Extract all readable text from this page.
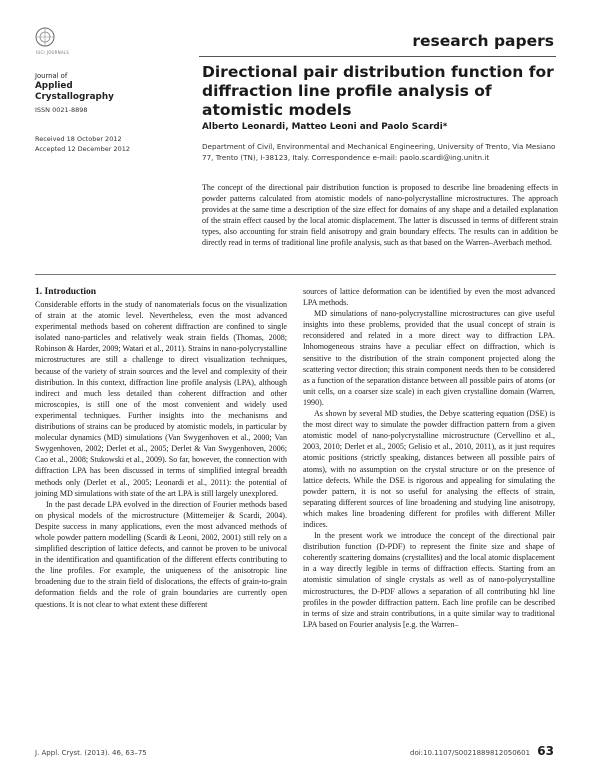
IUCr JOURNALS
research papers
Journal of
Applied
Crystallography
ISSN 0021-8898
Received 18 October 2012
Accepted 12 December 2012
Directional pair distribution function for diffraction line profile analysis of atomistic models
Alberto Leonardi, Matteo Leoni and Paolo Scardi*
Department of Civil, Environmental and Mechanical Engineering, University of Trento, Via Mesiano 77, Trento (TN), I-38123, Italy. Correspondence e-mail: paolo.scardi@ing.unitn.it
The concept of the directional pair distribution function is proposed to describe line broadening effects in powder patterns calculated from atomistic models of nano-polycrystalline microstructures. The approach provides at the same time a description of the size effect for domains of any shape and a detailed explanation of the strain effect caused by the local atomic displacement. The latter is discussed in terms of different strain types, also accounting for strain field anisotropy and grain boundary effects. The results can in addition be directly read in terms of traditional line profile analysis, such as that based on the Warren–Averbach method.
1. Introduction

Considerable efforts in the study of nanomaterials focus on the visualization of strain at the atomic level. Nevertheless, even the most advanced experimental methods based on coherent diffraction are confined to single isolated nano-particles and relatively weak strain fields (Thomas, 2008; Robinson & Harder, 2009; Watari et al., 2011). Strains in nano-polycrystalline microstructures are still a challenge to direct visualization techniques, because of the variety of strain sources and the level and complexity of their distribution. In this context, diffraction line profile analysis (LPA), although indirect and much less detailed than coherent diffraction and other microscopies, is still one of the most convenient and widely used experimental techniques. Further insights into the mechanisms and distributions of strains can be produced by atomistic models, in particular by molecular dynamics (MD) simulations (Van Swygenhoven et al., 2000; Van Swygenhoven, 2002; Derlet et al., 2005; Derlet & Van Swygenhoven, 2006; Cao et al., 2008; Stukowski et al., 2009). So far, however, the connection with diffraction LPA has been discussed in terms of simplified integral breadth methods only (Derlet et al., 2005; Leonardi et al., 2011): the potential of joining MD simulations with state of the art LPA is still largely unexplored.

In the past decade LPA evolved in the direction of Fourier methods based on physical models of the microstructure (Mittemeijer & Scardi, 2004). Despite success in many applications, even the most advanced methods of whole powder pattern modelling (Scardi & Leoni, 2002, 2001) still rely on a simplified description of lattice defects, and cannot be proven to be univocal in the identification and quantification of the different effects contributing to the line profiles. For example, the uniqueness of the anisotropic line broadening due to the strain field of dislocations, the effects of grain-to-grain deformation fields and the role of grain boundaries are currently open questions. It is not clear to what extent these different

sources of lattice deformation can be identified by even the most advanced LPA methods.

MD simulations of nano-polycrystalline microstructures can give useful insights into these problems, provided that the usual concept of strain is reconsidered and related in a more direct way to diffraction LPA. Inhomogeneous strains have a peculiar effect on diffraction, which is sensitive to the distribution of the strain component projected along the scattering vector direction; this strain component needs then to be considered as a function of the separation distance between all possible pairs of atoms (or unit cells, on a coarser size scale) in each given crystalline domain (Warren, 1990).

As shown by several MD studies, the Debye scattering equation (DSE) is the most direct way to simulate the powder diffraction pattern from a given atomistic model of nano-polycrystalline microstructure (Cervellino et al., 2003, 2010; Derlet et al., 2005; Gelisio et al., 2010, 2011), as it just requires atomic positions (strictly speaking, distances between all possible pairs of atoms), with no assumption on the crystal structure or on the presence of lattice defects. While the DSE is rigorous and appealing for simulating the powder pattern, it is not so useful for analysing the effects of strain, separating different sources of line broadening and studying line anisotropy, which makes line broadening different for profiles with different Miller indices.

In the present work we introduce the concept of the directional pair distribution function (D-PDF) to represent the finite size and shape of coherently scattering domains (crystallites) and the local atomic displacement in a way directly legible in terms of diffraction effects. Starting from an atomistic simulation of single crystals as well as of nano-polycrystalline microstructures, the D-PDF allows a separation of all contributing hkl line profiles in the powder diffraction pattern. Each line profile can be described in terms of size and strain contributions, in a quite similar way to traditional LPA based on Fourier analysis [e.g. the Warren–

J. Appl. Cryst. (2013). 46, 63–75	doi:10.1107/S0021889812050601 63
